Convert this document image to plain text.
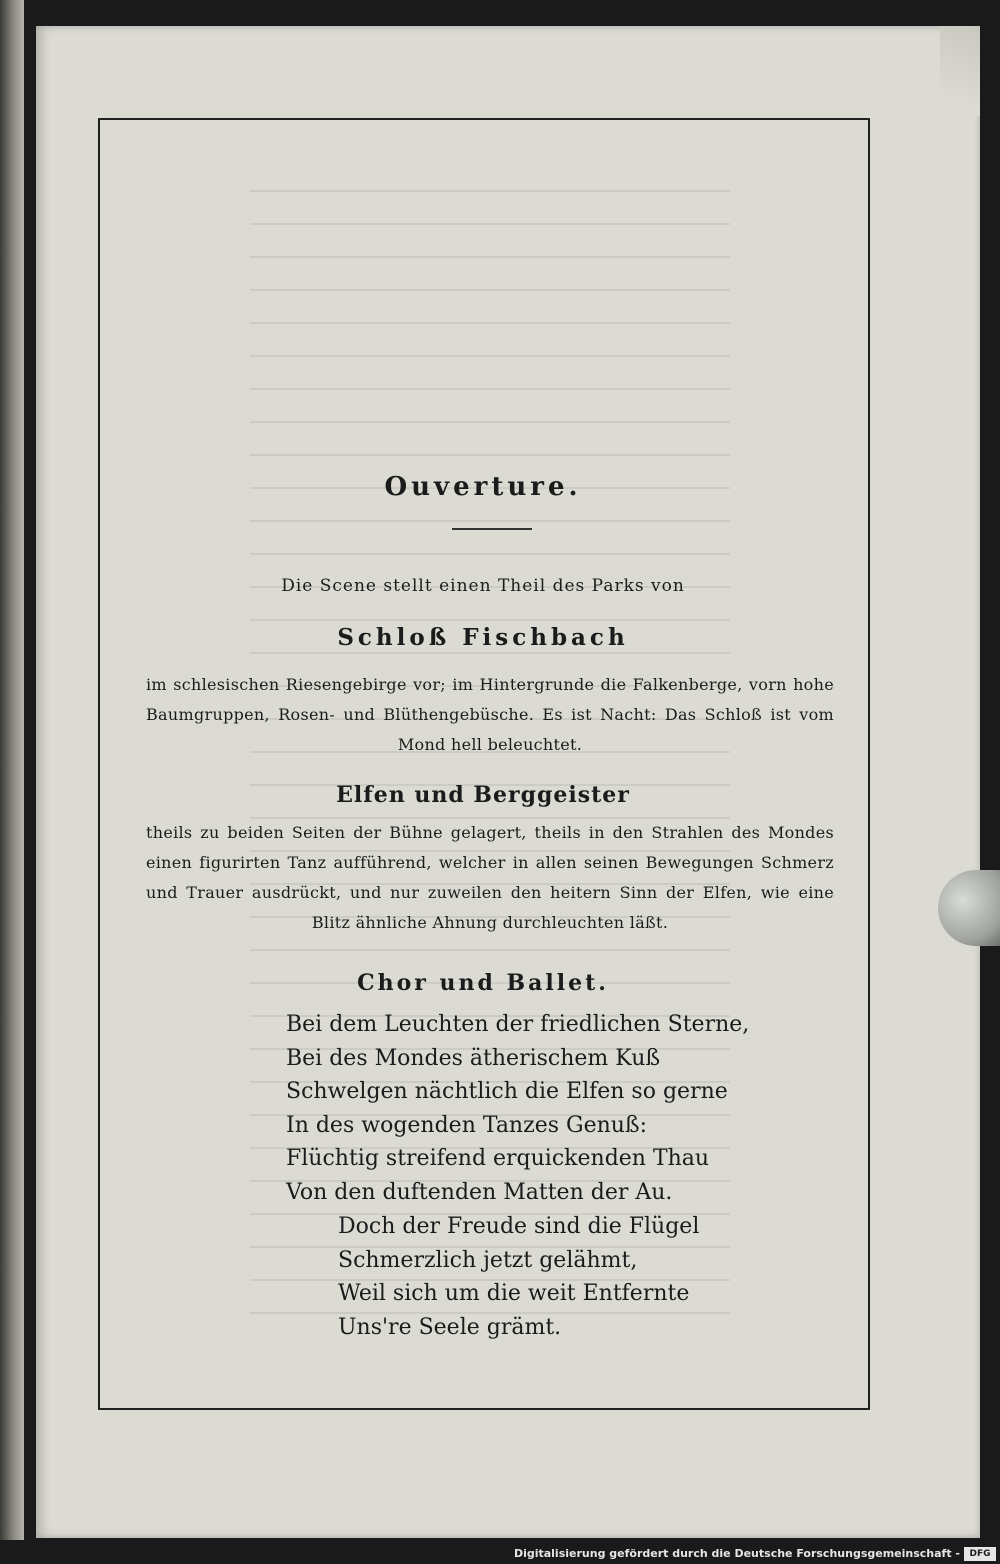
Ouverture.
Die Scene stellt einen Theil des Parks von
Schloß Fischbach
im schlesischen Riesengebirge vor; im Hintergrunde die Falkenberge, vorn hohe Baumgruppen, Rosen- und Blüthengebüsche. Es ist Nacht: Das Schloß ist vom Mond hell beleuchtet.
Elfen und Berggeister
theils zu beiden Seiten der Bühne gelagert, theils in den Strahlen des Mondes einen figurirten Tanz aufführend, welcher in allen seinen Bewegungen Schmerz und Trauer ausdrückt, und nur zuweilen den heitern Sinn der Elfen, wie eine Blitz ähnliche Ahnung durchleuchten läßt.
Chor und Ballet.
Bei dem Leuchten der friedlichen Sterne,
Bei des Mondes ätherischem Kuß
Schwelgen nächtlich die Elfen so gerne
In des wogenden Tanzes Genuß:
Flüchtig streifend erquickenden Thau
Von den duftenden Matten der Au.
Doch der Freude sind die Flügel
Schmerzlich jetzt gelähmt,
Weil sich um die weit Entfernte
Uns're Seele grämt.
Digitalisierung gefördert durch die Deutsche Forschungsgemeinschaft -	DFG
